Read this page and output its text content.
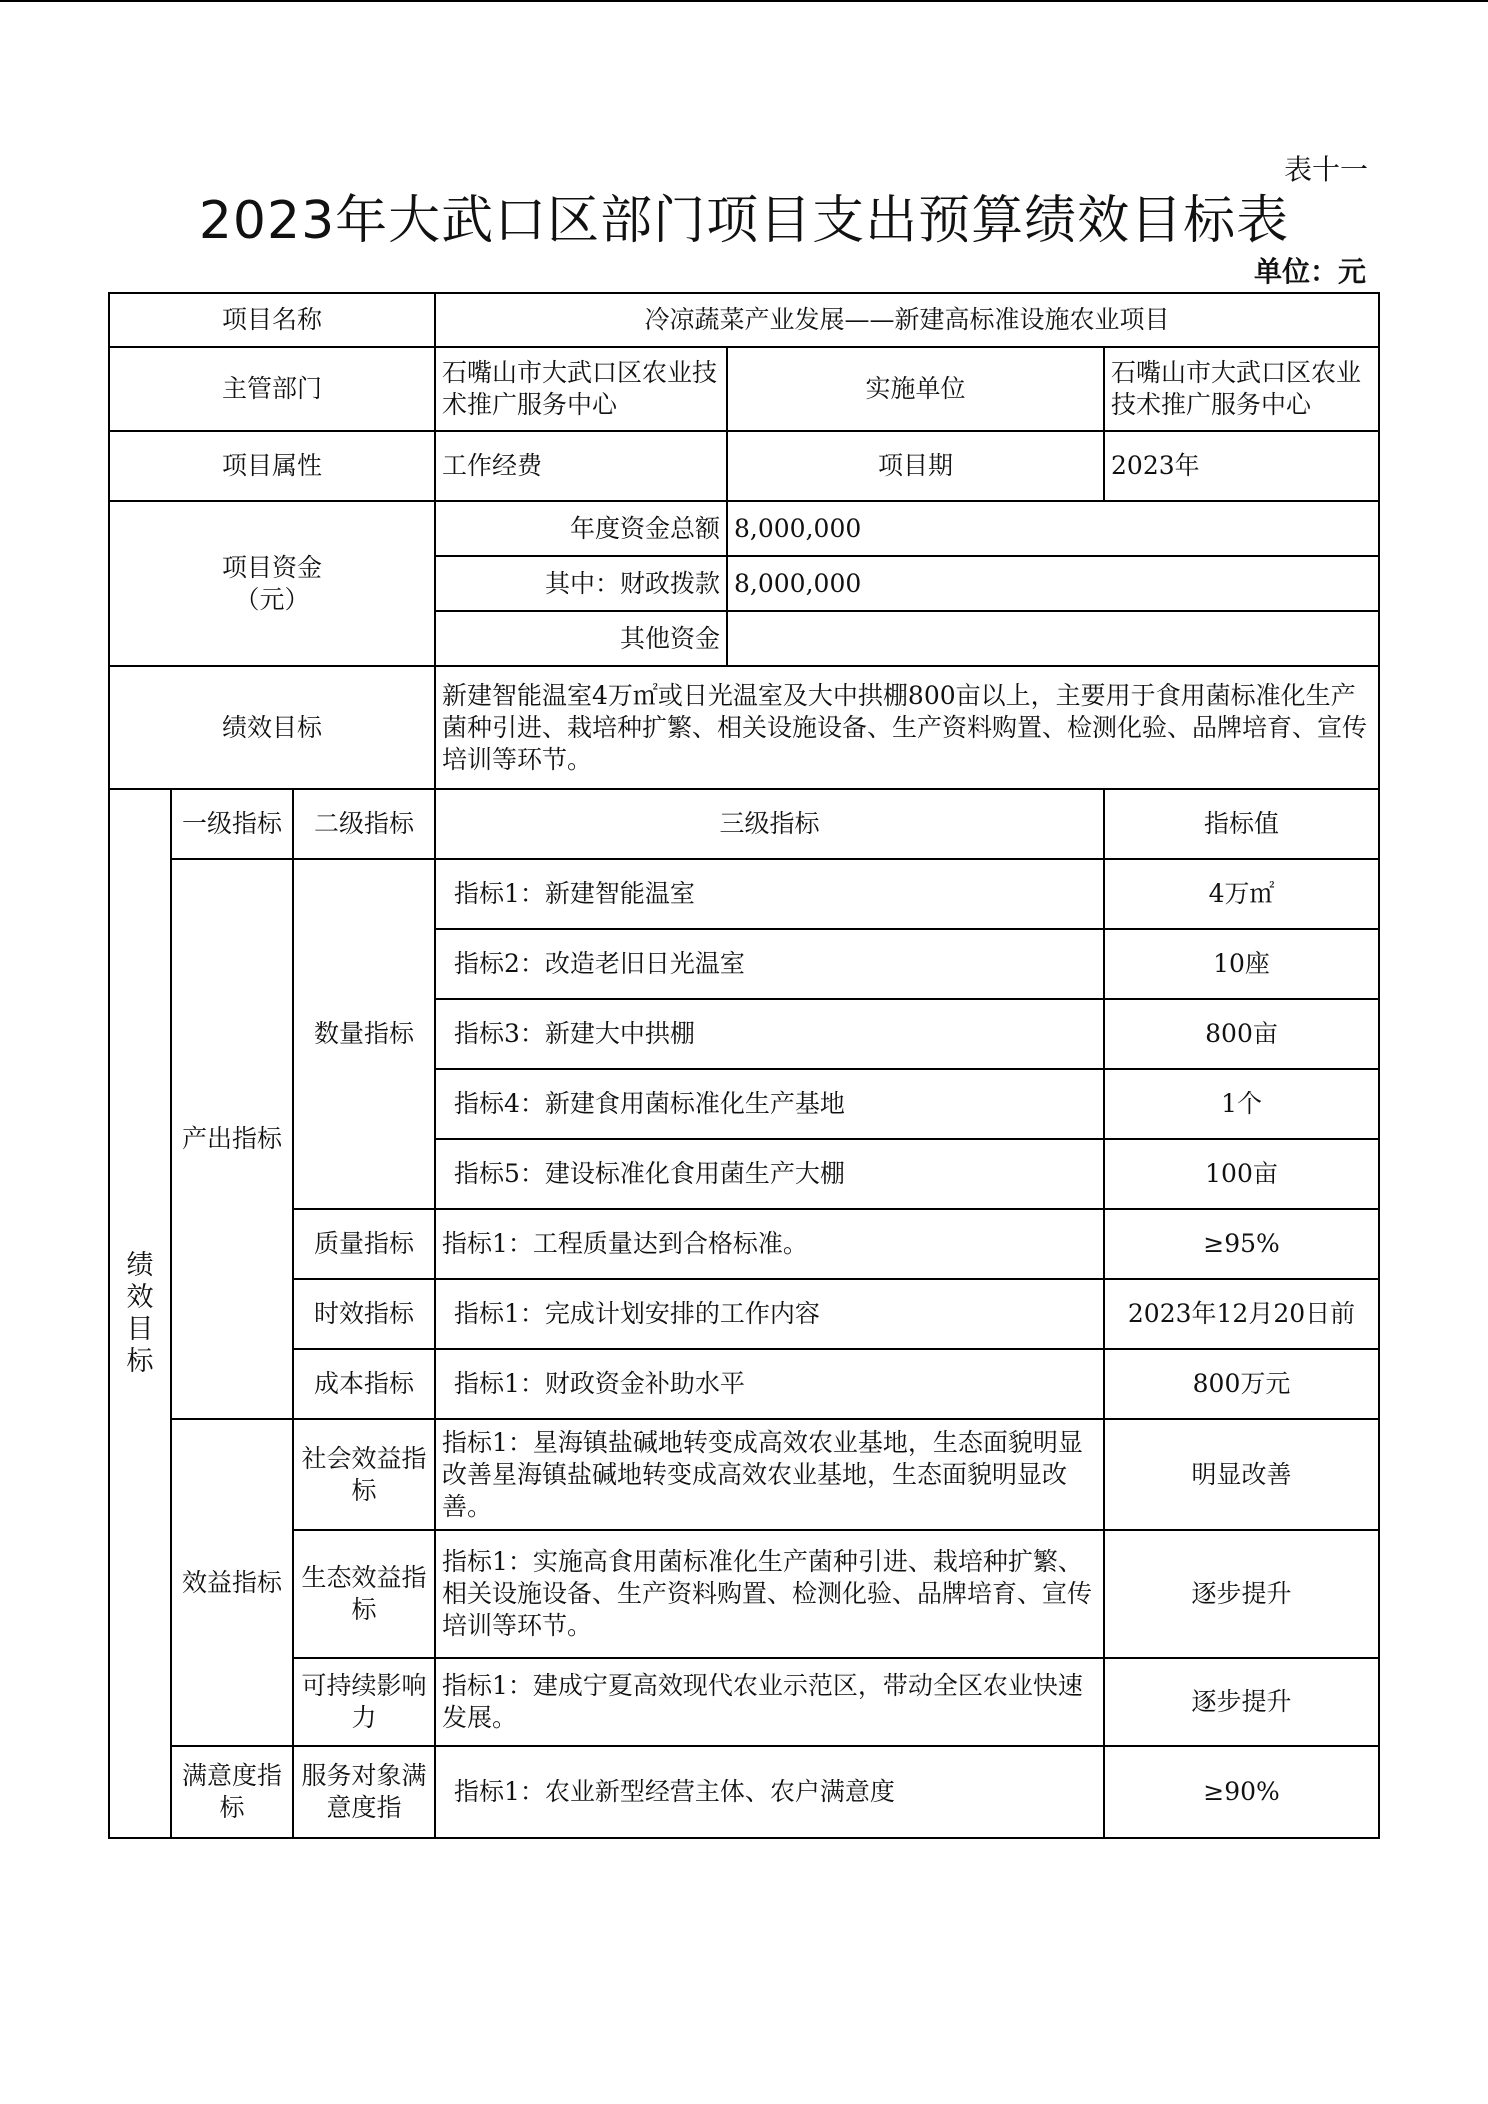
表十一
2023年大武口区部门项目支出预算绩效目标表
单位：元
项目名称			冷凉蔬菜产业发展——新建高标准设施农业项目		
主管部门			石嘴山市大武口区农业技术推广服务中心	实施单位	石嘴山市大武口区农业技术推广服务中心
项目属性			工作经费	项目期	2023年
项目资金
（元）			年度资金总额	8,000,000	
			其中：财政拨款	8,000,000	
			其他资金		
绩效目标			新建智能温室4万㎡或日光温室及大中拱棚800亩以上，主要用于食用菌标准化生产菌种引进、栽培种扩繁、相关设施设备、生产资料购置、检测化验、品牌培育、宣传培训等环节。		

绩
效
目
标	一级指标	二级指标	三级指标		指标值
	产出指标	数量指标	指标1：新建智能温室		4万㎡
			指标2：改造老旧日光温室		10座
			指标3：新建大中拱棚		800亩
			指标4：新建食用菌标准化生产基地		1个
			指标5：建设标准化食用菌生产大棚		100亩
		质量指标	指标1：工程质量达到合格标准。		≥95%
		时效指标	指标1：完成计划安排的工作内容		2023年12月20日前
		成本指标	指标1：财政资金补助水平		800万元
	效益指标	社会效益指标	指标1：星海镇盐碱地转变成高效农业基地，生态面貌明显改善星海镇盐碱地转变成高效农业基地，生态面貌明显改善。		明显改善
		生态效益指标	指标1：实施高食用菌标准化生产菌种引进、栽培种扩繁、相关设施设备、生产资料购置、检测化验、品牌培育、宣传培训等环节。		逐步提升
		可持续影响力	指标1：建成宁夏高效现代农业示范区，带动全区农业快速发展。		逐步提升
	满意度指标	服务对象满意度指	指标1：农业新型经营主体、农户满意度		≥90%
